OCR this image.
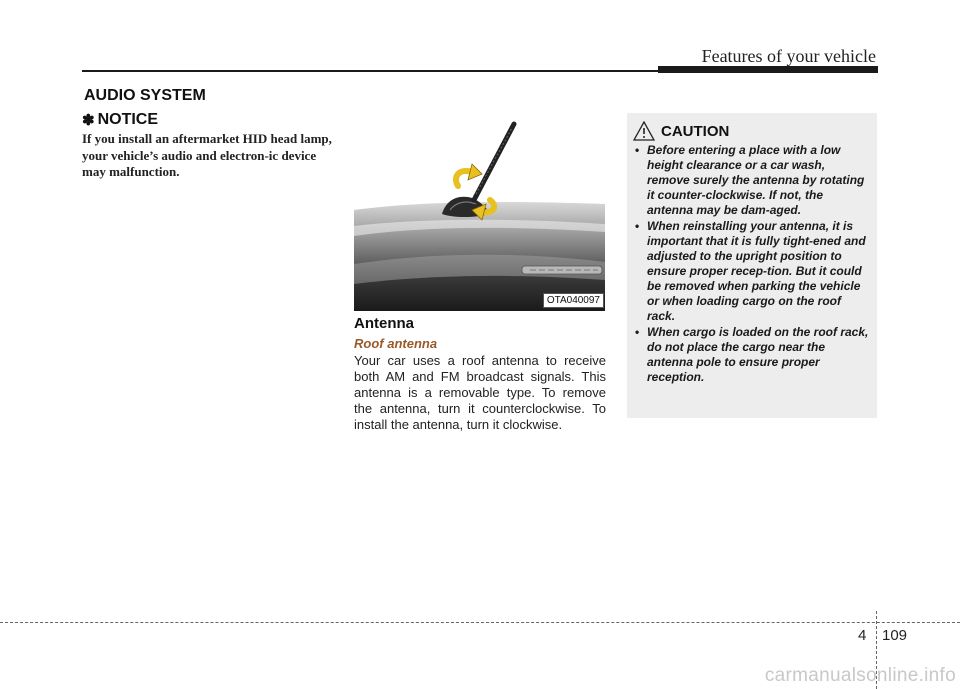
Features of your vehicle
AUDIO SYSTEM
✽ NOTICE
If you install an aftermarket HID head lamp, your vehicle’s audio and electron-ic device may malfunction.
OTA040097
Antenna
Roof antenna
Your car uses a roof antenna to receive both AM and FM broadcast signals. This antenna is a removable type. To remove the antenna, turn it counterclockwise. To install the antenna, turn it clockwise.
CAUTION
• Before entering a place with a low height clearance or a car wash, remove surely the antenna by rotating it counter-clockwise. If not, the antenna may be dam-aged.
• When reinstalling your antenna, it is important that it is fully tight-ened and adjusted to the upright position to ensure proper recep-tion. But it could be removed when parking the vehicle or when loading cargo on the roof rack.
• When cargo is loaded on the roof rack, do not place the cargo near the antenna pole to ensure proper reception.
4 109
carmanualsonline.info
